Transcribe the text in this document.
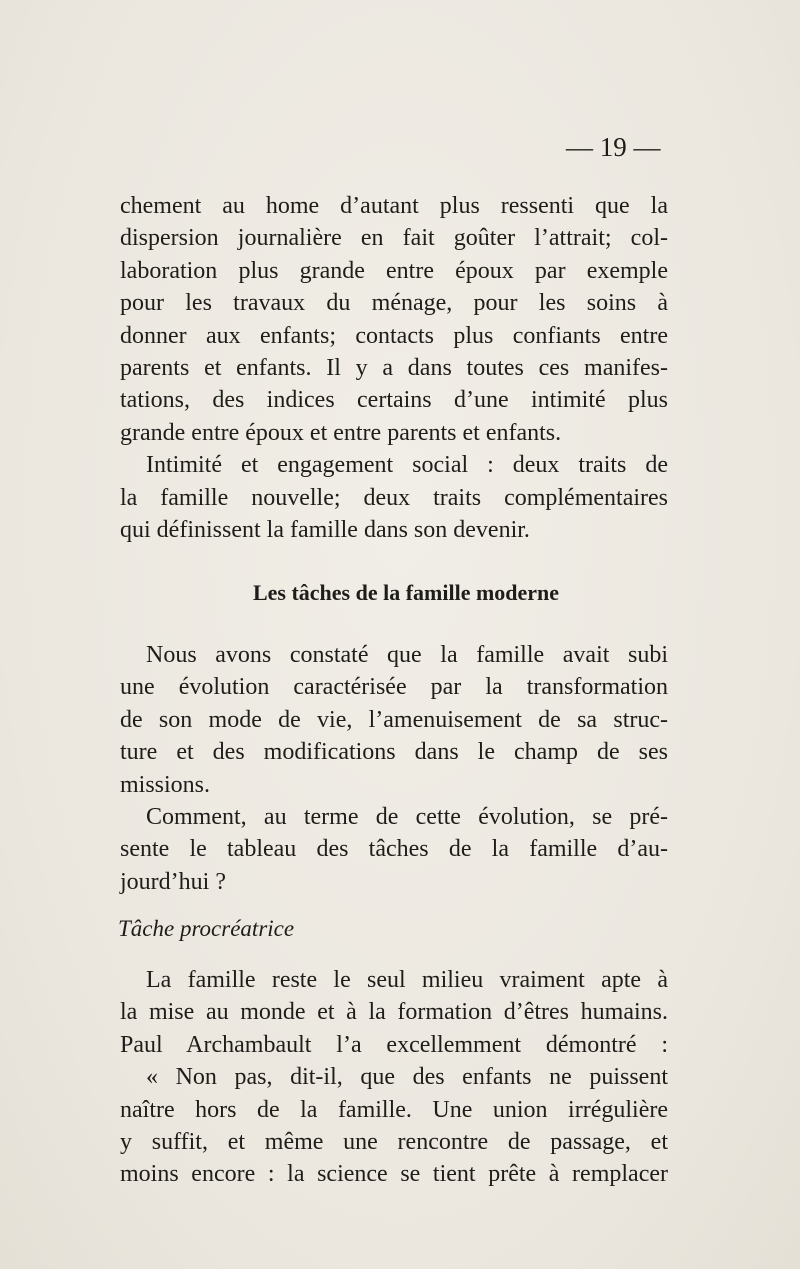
— 19 —
chement au home d’autant plus ressenti que la
dispersion journalière en fait goûter l’attrait; col-
laboration plus grande entre époux par exemple
pour les travaux du ménage, pour les soins à
donner aux enfants; contacts plus confiants entre
parents et enfants. Il y a dans toutes ces manifes-
tations, des indices certains d’une intimité plus
grande entre époux et entre parents et enfants.
Intimité et engagement social : deux traits de
la famille nouvelle; deux traits complémentaires
qui définissent la famille dans son devenir.
Les tâches de la famille moderne
Nous avons constaté que la famille avait subi
une évolution caractérisée par la transformation
de son mode de vie, l’amenuisement de sa struc-
ture et des modifications dans le champ de ses
missions.
Comment, au terme de cette évolution, se pré-
sente le tableau des tâches de la famille d’au-
jourd’hui ?
Tâche procréatrice
La famille reste le seul milieu vraiment apte à
la mise au monde et à la formation d’êtres humains.
Paul Archambault l’a excellemment démontré :
« Non pas, dit-il, que des enfants ne puissent
naître hors de la famille. Une union irrégulière
y suffit, et même une rencontre de passage, et
moins encore : la science se tient prête à remplacer
